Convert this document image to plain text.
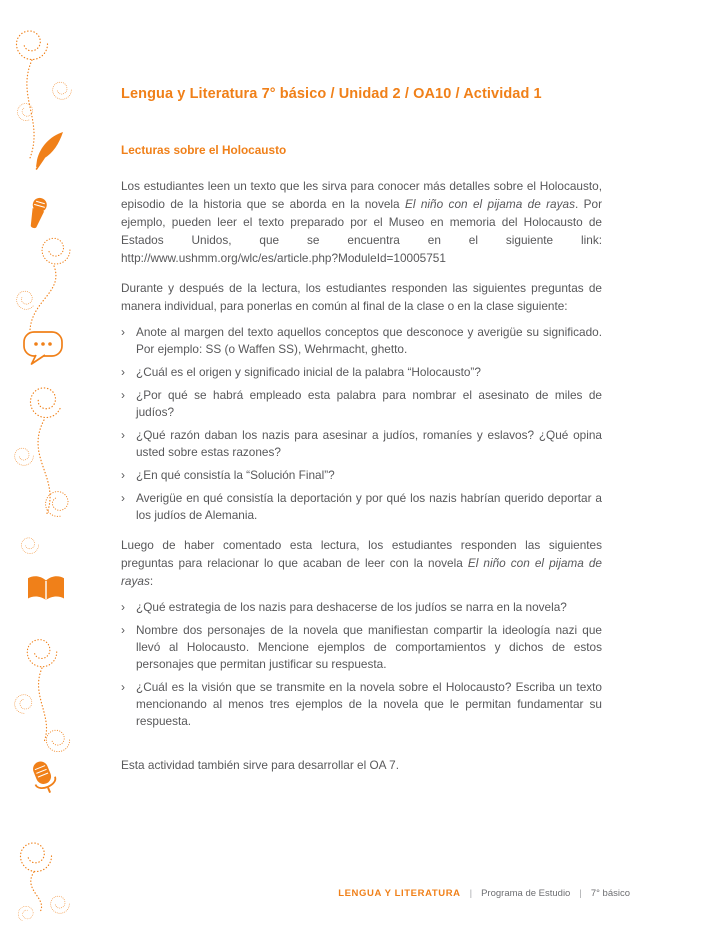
Lengua y Literatura 7° básico / Unidad 2 / OA10 / Actividad 1
Lecturas sobre el Holocausto

Los estudiantes leen un texto que les sirva para conocer más detalles sobre el Holocausto, episodio de la historia que se aborda en la novela El niño con el pijama de rayas. Por ejemplo, pueden leer el texto preparado por el Museo en memoria del Holocausto de Estados Unidos, que se encuentra en el siguiente link: http://www.ushmm.org/wlc/es/article.php?ModuleId=10005751

Durante y después de la lectura, los estudiantes responden las siguientes preguntas de manera individual, para ponerlas en común al final de la clase o en la clase siguiente:

› Anote al margen del texto aquellos conceptos que desconoce y averigüe su significado. Por ejemplo: SS (o Waffen SS), Wehrmacht, ghetto.
› ¿Cuál es el origen y significado inicial de la palabra “Holocausto”?
› ¿Por qué se habrá empleado esta palabra para nombrar el asesinato de miles de judíos?
› ¿Qué razón daban los nazis para asesinar a judíos, romaníes y eslavos? ¿Qué opina usted sobre estas razones?
› ¿En qué consistía la “Solución Final”?
› Averigüe en qué consistía la deportación y por qué los nazis habrían querido deportar a los judíos de Alemania.

Luego de haber comentado esta lectura, los estudiantes responden las siguientes preguntas para relacionar lo que acaban de leer con la novela El niño con el pijama de rayas:

› ¿Qué estrategia de los nazis para deshacerse de los judíos se narra en la novela?
› Nombre dos personajes de la novela que manifiestan compartir la ideología nazi que llevó al Holocausto. Mencione ejemplos de comportamientos y dichos de estos personajes que permitan justificar su respuesta.
› ¿Cuál es la visión que se transmite en la novela sobre el Holocausto? Escriba un texto mencionando al menos tres ejemplos de la novela que le permitan fundamentar su respuesta.

Esta actividad también sirve para desarrollar el OA 7.

LENGUA Y LITERATURA | Programa de Estudio | 7° básico
